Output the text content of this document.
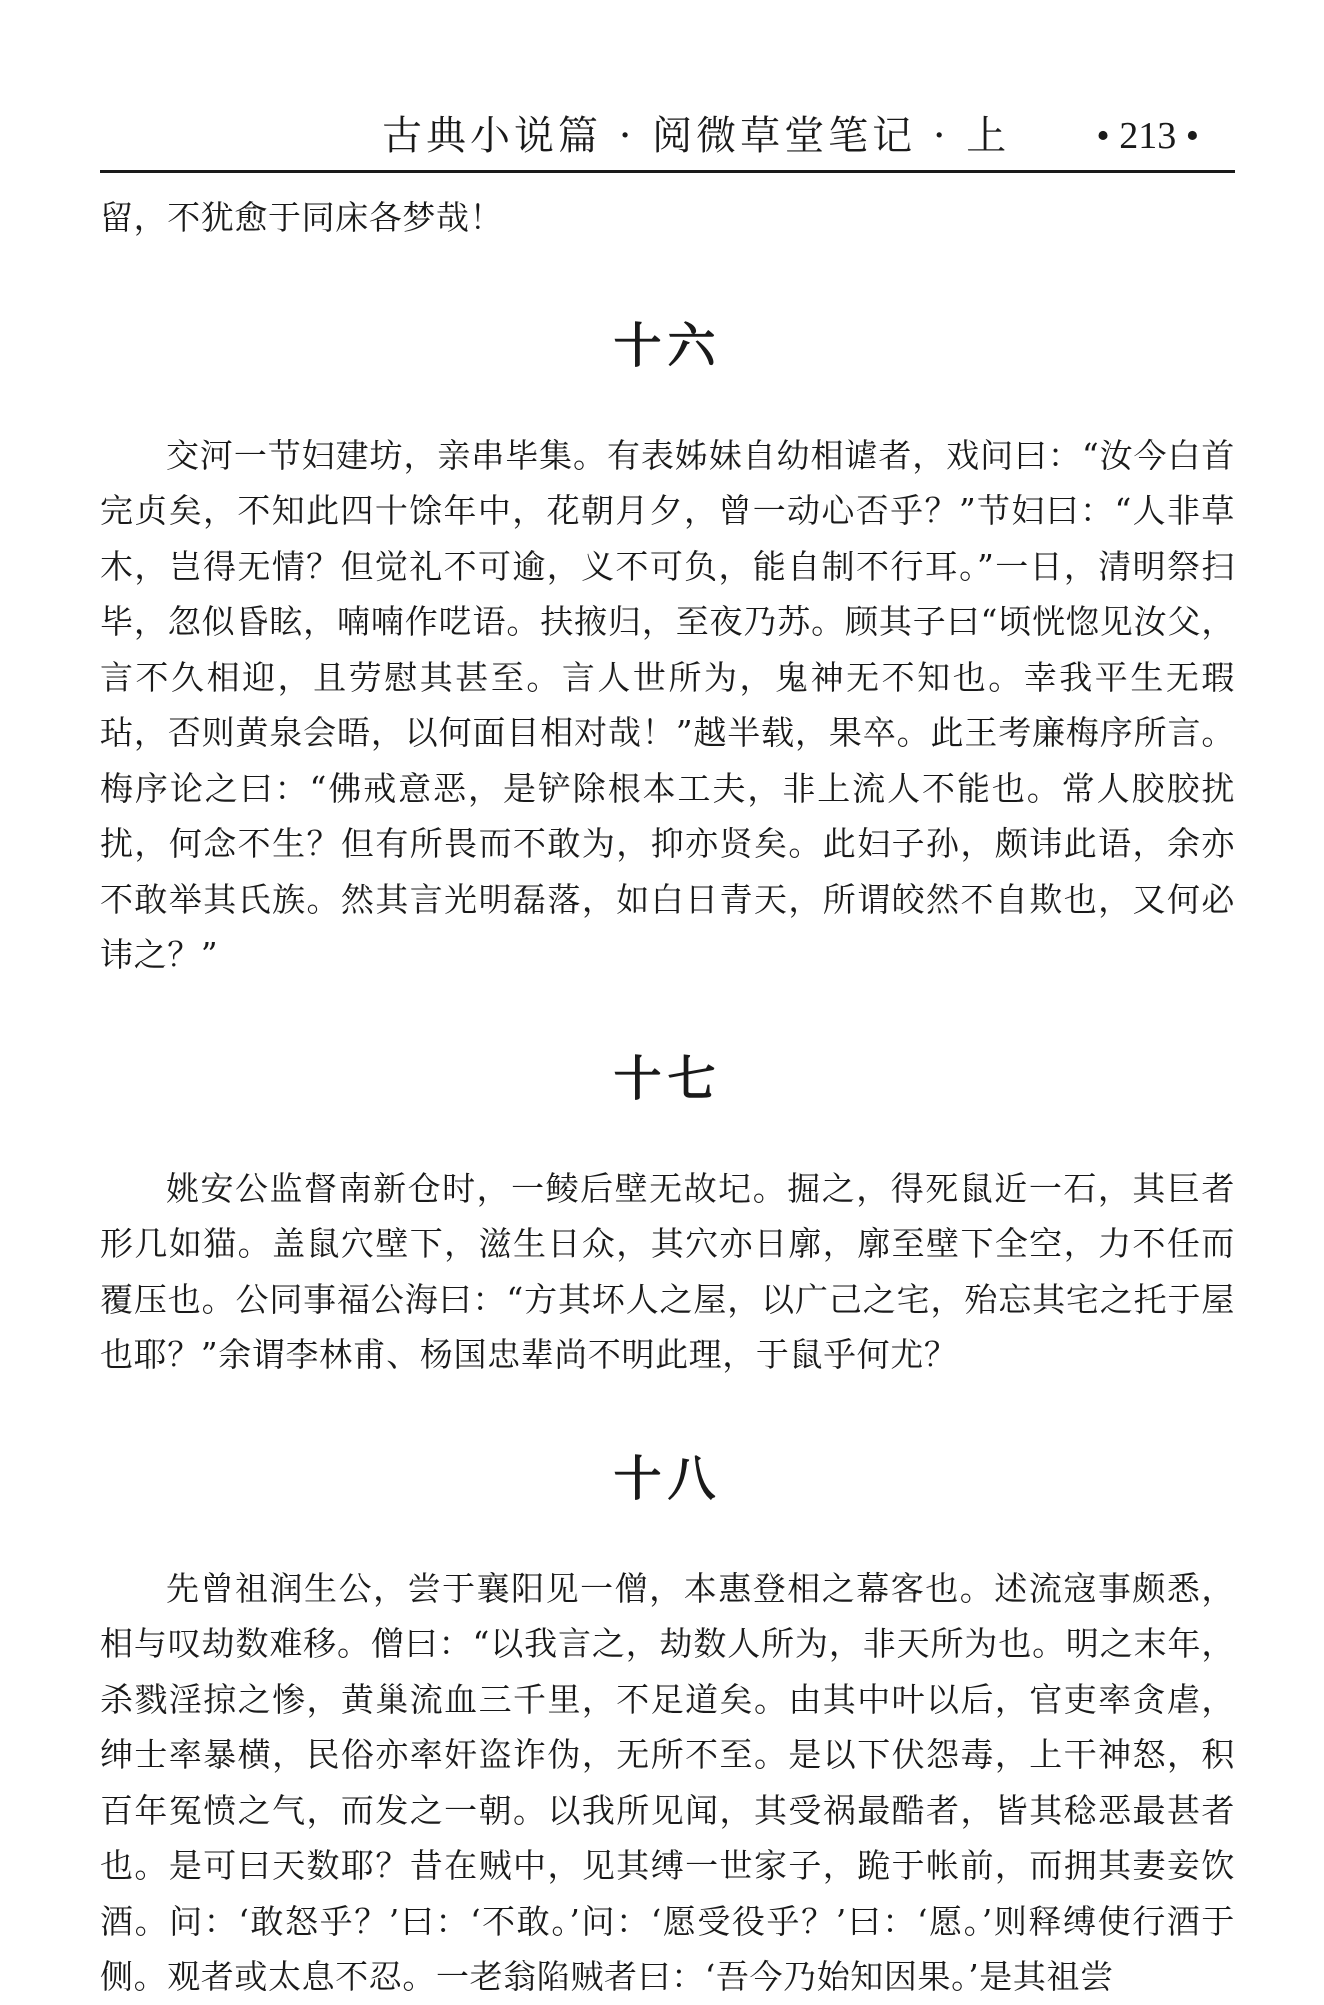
古典小说篇 · 阅微草堂笔记 · 上 • 213 •

留，不犹愈于同床各梦哉！

十六

交河一节妇建坊，亲串毕集。有表姊妹自幼相谑者，戏问曰：“汝今白首完贞矣，不知此四十馀年中，花朝月夕，曾一动心否乎？”节妇曰：“人非草木，岂得无情？但觉礼不可逾，义不可负，能自制不行耳。”一日，清明祭扫毕，忽似昏眩，喃喃作呓语。扶掖归，至夜乃苏。顾其子曰“顷恍惚见汝父，言不久相迎，且劳慰其甚至。言人世所为，鬼神无不知也。幸我平生无瑕玷，否则黄泉会晤，以何面目相对哉！”越半载，果卒。此王考廉梅序所言。梅序论之曰：“佛戒意恶，是铲除根本工夫，非上流人不能也。常人胶胶扰扰，何念不生？但有所畏而不敢为，抑亦贤矣。此妇子孙，颇讳此语，余亦不敢举其氏族。然其言光明磊落，如白日青天，所谓皎然不自欺也，又何必讳之？”

十七

姚安公监督南新仓时，一鲮后壁无故圮。掘之，得死鼠近一石，其巨者形几如猫。盖鼠穴壁下，滋生日众，其穴亦日廓，廓至壁下全空，力不任而覆压也。公同事福公海曰：“方其坏人之屋，以广己之宅，殆忘其宅之托于屋也耶？”余谓李林甫、杨国忠辈尚不明此理，于鼠乎何尤？

十八

先曾祖润生公，尝于襄阳见一僧，本惠登相之幕客也。述流寇事颇悉，相与叹劫数难移。僧曰：“以我言之，劫数人所为，非天所为也。明之末年，杀戮淫掠之惨，黄巢流血三千里，不足道矣。由其中叶以后，官吏率贪虐，绅士率暴横，民俗亦率奸盗诈伪，无所不至。是以下伏怨毒，上干神怒，积百年冤愤之气，而发之一朝。以我所见闻，其受祸最酷者，皆其稔恶最甚者也。是可曰天数耶？昔在贼中，见其缚一世家子，跪于帐前，而拥其妻妾饮酒。问：‘敢怒乎？’曰：‘不敢。’问：‘愿受役乎？’曰：‘愿。’则释缚使行酒于侧。观者或太息不忍。一老翁陷贼者曰：‘吾今乃始知因果。’是其祖尝
